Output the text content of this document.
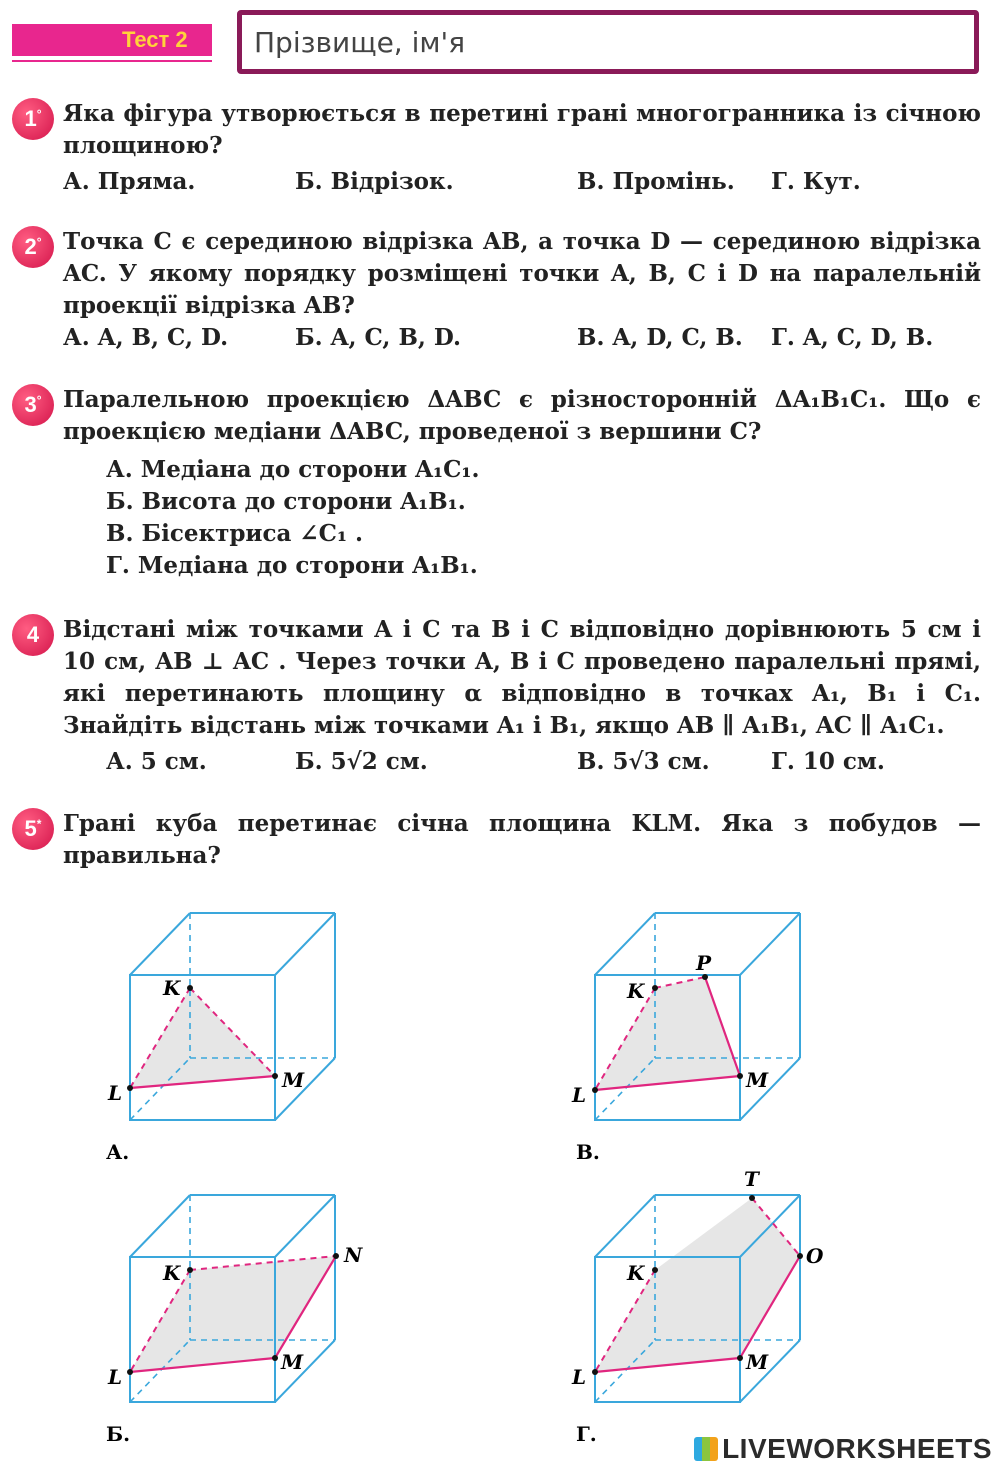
Тест 2
Прізвище, ім'я
1° Яка фігура утворюється в перетині грані многогранника із січною площиною?
А. Пряма.	Б. Відрізок.	В. Промінь. Г. Кут.
2° Точка C є серединою відрізка AB, а точка D — серединою відрізка AC. У якому порядку розміщені точки A, B, C і D на паралельній проекції відрізка AB?
А. A, B, C, D.	Б. A, C, B, D.	В. A, D, C, B. Г. A, C, D, B.
3° Паралельною проекцією ΔABC є різносторонній ΔA₁B₁C₁. Що є проекцією медіани ΔABC, проведеної з вершини C?
А. Медіана до сторони A₁C₁.
Б. Висота до сторони A₁B₁.
В. Бісектриса ∠C₁ .
Г. Медіана до сторони A₁B₁.
4 Відстані між точками A і C та B і C відповідно дорівнюють 5 см і 10 см, AB ⊥ AC . Через точки A, B і C проведено паралельні прямі, які перетинають площину α відповідно в точках A₁, B₁ і C₁. Знайдіть відстань між точками A₁ і B₁, якщо AB ∥ A₁B₁, AC ∥ A₁C₁.
А. 5 см.	Б. 5√2 см.	В. 5√3 см.	Г. 10 см.
5* Грані куба перетинає січна площина KLM. Яка з побудов — правильна?
K
L
M
А.
K
P
L
M
В.
K
N
L
M
Б.
T
K
O
L
M
Г.	LIVEWORKSHEETS
